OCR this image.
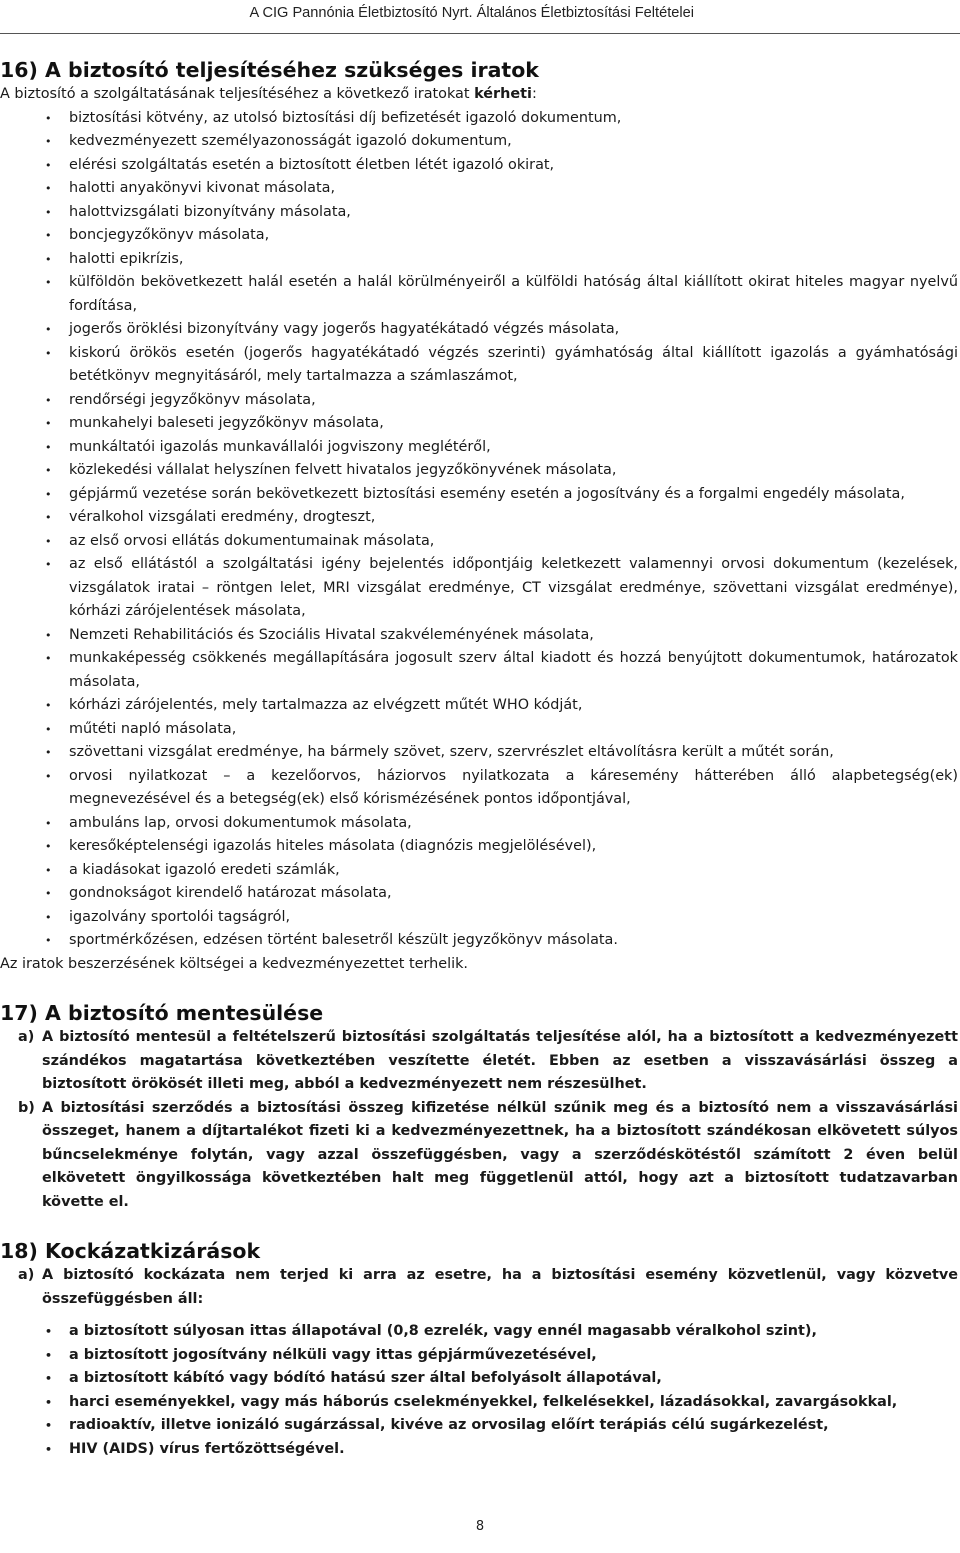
A CIG Pannónia Életbiztosító Nyrt. Általános Életbiztosítási Feltételei
16) A biztosító teljesítéséhez szükséges iratok

A biztosító a szolgáltatásának teljesítéséhez a következő iratokat kérheti:

• biztosítási kötvény, az utolsó biztosítási díj befizetését igazoló dokumentum,
• kedvezményezett személyazonosságát igazoló dokumentum,
• elérési szolgáltatás esetén a biztosított életben létét igazoló okirat,
• halotti anyakönyvi kivonat másolata,
• halottvizsgálati bizonyítvány másolata,
• boncjegyzőkönyv másolata,
• halotti epikrízis,
• külföldön bekövetkezett halál esetén a halál körülményeiről a külföldi hatóság által kiállított okirat hiteles magyar nyelvű fordítása,
• jogerős öröklési bizonyítvány vagy jogerős hagyatékátadó végzés másolata,
• kiskorú örökös esetén (jogerős hagyatékátadó végzés szerinti) gyámhatóság által kiállított igazolás a gyámhatósági betétkönyv megnyitásáról, mely tartalmazza a számlaszámot,
• rendőrségi jegyzőkönyv másolata,
• munkahelyi baleseti jegyzőkönyv másolata,
• munkáltatói igazolás munkavállalói jogviszony meglétéről,
• közlekedési vállalat helyszínen felvett hivatalos jegyzőkönyvének másolata,
• gépjármű vezetése során bekövetkezett biztosítási esemény esetén a jogosítvány és a forgalmi engedély másolata,
• véralkohol vizsgálati eredmény, drogteszt,
• az első orvosi ellátás dokumentumainak másolata,
• az első ellátástól a szolgáltatási igény bejelentés időpontjáig keletkezett valamennyi orvosi dokumentum (kezelések, vizsgálatok iratai – röntgen lelet, MRI vizsgálat eredménye, CT vizsgálat eredménye, szövettani vizsgálat eredménye), kórházi zárójelentések másolata,
• Nemzeti Rehabilitációs és Szociális Hivatal szakvéleményének másolata,
• munkaképesség csökkenés megállapítására jogosult szerv által kiadott és hozzá benyújtott dokumentumok, határozatok másolata,
• kórházi zárójelentés, mely tartalmazza az elvégzett műtét WHO kódját,
• műtéti napló másolata,
• szövettani vizsgálat eredménye, ha bármely szövet, szerv, szervrészlet eltávolításra került a műtét során,
• orvosi nyilatkozat – a kezelőorvos, háziorvos nyilatkozata a káresemény hátterében álló alapbetegség(ek) megnevezésével és a betegség(ek) első kórismézésének pontos időpontjával,
• ambuláns lap, orvosi dokumentumok másolata,
• keresőképtelenségi igazolás hiteles másolata (diagnózis megjelölésével),
• a kiadásokat igazoló eredeti számlák,
• gondnokságot kirendelő határozat másolata,
• igazolvány sportolói tagságról,
• sportmérkőzésen, edzésen történt balesetről készült jegyzőkönyv másolata.

Az iratok beszerzésének költségei a kedvezményezettet terhelik.

17) A biztosító mentesülése
a) A biztosító mentesül a feltételszerű biztosítási szolgáltatás teljesítése alól, ha a biztosított a kedvezményezett szándékos magatartása következtében veszítette életét. Ebben az esetben a visszavásárlási összeg a biztosított örökösét illeti meg, abból a kedvezményezett nem részesülhet.
b) A biztosítási szerződés a biztosítási összeg kifizetése nélkül szűnik meg és a biztosító nem a visszavásárlási összeget, hanem a díjtartalékot fizeti ki a kedvezményezettnek, ha a biztosított szándékosan elkövetett súlyos bűncselekménye folytán, vagy azzal összefüggésben, vagy a szerződéskötéstől számított 2 éven belül elkövetett öngyilkossága következtében halt meg függetlenül attól, hogy azt a biztosított tudatzavarban követte el.
18) Kockázatkizárások
a) A biztosító kockázata nem terjed ki arra az esetre, ha a biztosítási esemény közvetlenül, vagy közvetve összefüggésben áll:
• a biztosított súlyosan ittas állapotával (0,8 ezrelék, vagy ennél magasabb véralkohol szint),
• a biztosított jogosítvány nélküli vagy ittas gépjárművezetésével,
• a biztosított kábító vagy bódító hatású szer által befolyásolt állapotával,
• harci eseményekkel, vagy más háborús cselekményekkel, felkelésekkel, lázadásokkal, zavargásokkal,
• radioaktív, illetve ionizáló sugárzással, kivéve az orvosilag előírt terápiás célú sugárkezelést,
• HIV (AIDS) vírus fertőzöttségével.
8
